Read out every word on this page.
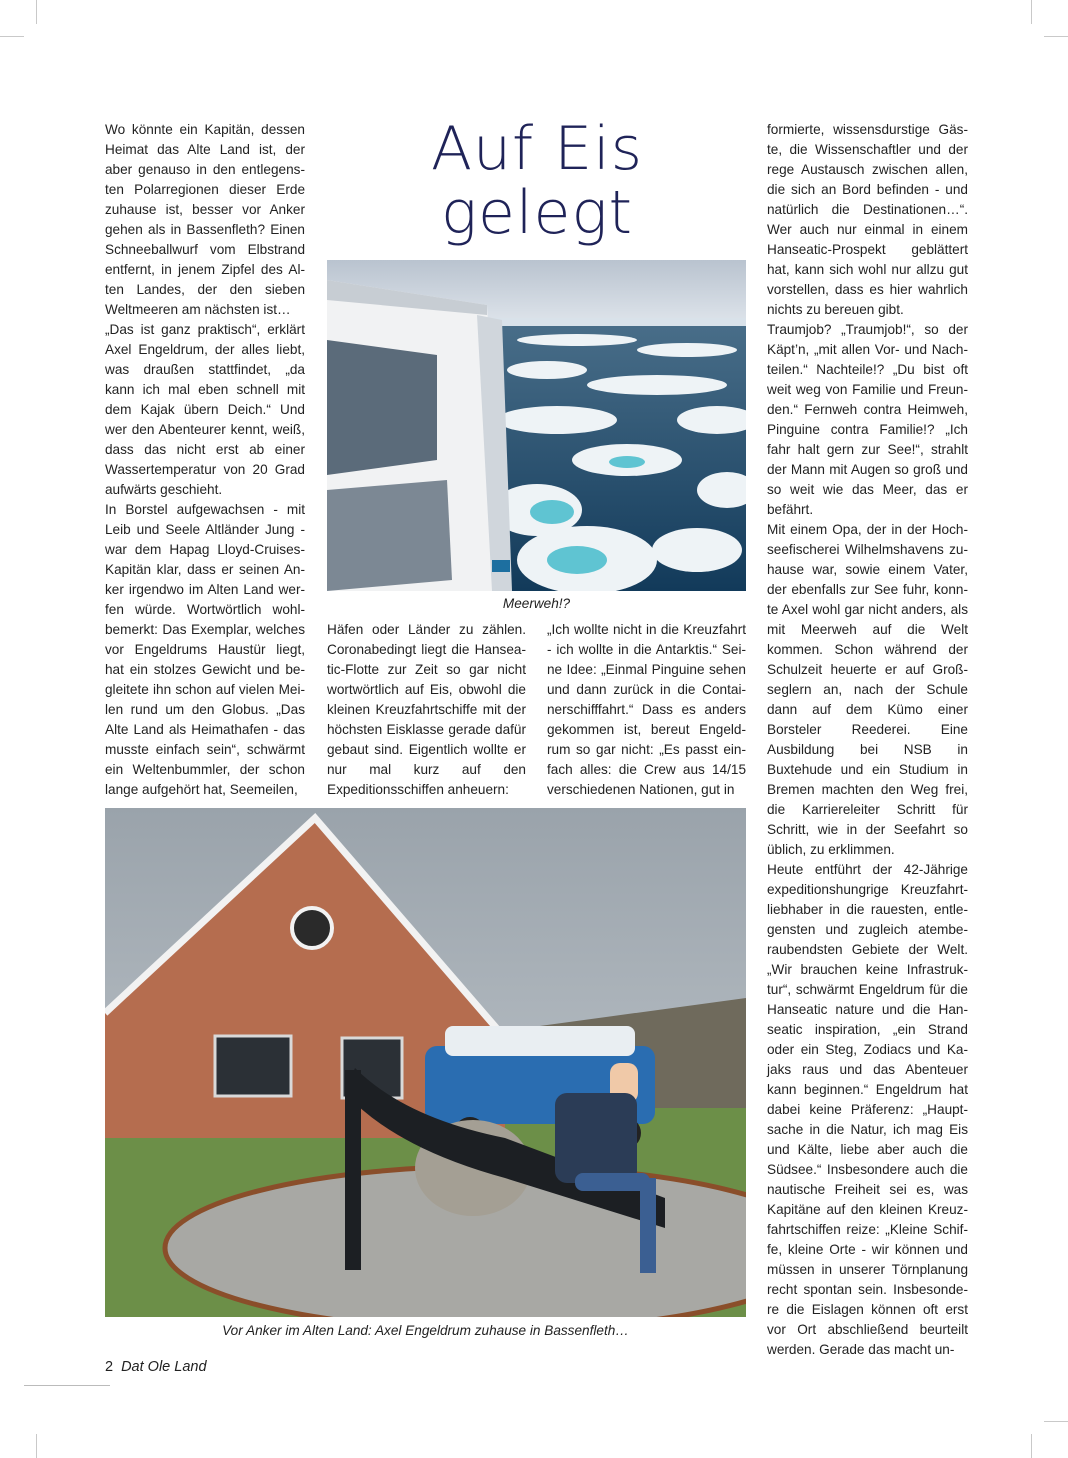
Auf Eis
gelegt

Wo könnte ein Kapitän, dessen Heimat das Alte Land ist, der aber genauso in den entlegensten Polarregionen dieser Erde zuhause ist, besser vor Anker gehen als in Bassenfleth? Einen Schneeballwurf vom Elbstrand entfernt, in jenem Zipfel des Alten Landes, der den sieben Weltmeeren am nächsten ist…

„Das ist ganz praktisch“, erklärt Axel Engeldrum, der alles liebt, was draußen stattfindet, „da kann ich mal eben schnell mit dem Kajak übern Deich.“ Und wer den Abenteurer kennt, weiß, dass das nicht erst ab einer Wassertemperatur von 20 Grad aufwärts geschieht.

In Borstel aufgewachsen - mit Leib und Seele Altländer Jung - war dem Hapag Lloyd-Cruises-Kapitän klar, dass er seinen Anker irgendwo im Alten Land werfen würde. Wortwörtlich wohlbemerkt: Das Exemplar, welches vor Engeldrums Haustür liegt, hat ein stolzes Gewicht und begleitete ihn schon auf vielen Meilen rund um den Globus. „Das Alte Land als Heimathafen - das musste einfach sein“, schwärmt ein Weltenbummler, der schon lange aufgehört hat, Seemeilen,

Häfen oder Länder zu zählen. Coronabedingt liegt die Hanseatic-Flotte zur Zeit so gar nicht wortwörtlich auf Eis, obwohl die kleinen Kreuzfahrtschiffe mit der höchsten Eisklasse gerade dafür gebaut sind. Eigentlich wollte er nur mal kurz auf den Expeditionsschiffen anheuern:

„Ich wollte nicht in die Kreuzfahrt - ich wollte in die Antarktis.“ Seine Idee: „Einmal Pinguine sehen und dann zurück in die Containerschifffahrt.“ Dass es anders gekommen ist, bereut Engeldrum so gar nicht: „Es passt einfach alles: die Crew aus 14/15 verschiedenen Nationen, gut in

formierte, wissensdurstige Gäste, die Wissenschaftler und der rege Austausch zwischen allen, die sich an Bord befinden - und natürlich die Destinationen…“. Wer auch nur einmal in einem Hanseatic-Prospekt geblättert hat, kann sich wohl nur allzu gut vorstellen, dass es hier wahrlich nichts zu bereuen gibt.

Traumjob? „Traumjob!“, so der Käpt’n, „mit allen Vor- und Nachteilen.“ Nachteile!? „Du bist oft weit weg von Familie und Freunden.“ Fernweh contra Heimweh, Pinguine contra Familie!? „Ich fahr halt gern zur See!“, strahlt der Mann mit Augen so groß und so weit wie das Meer, das er befährt.

Mit einem Opa, der in der Hochseefischerei Wilhelmshavens zuhause war, sowie einem Vater, der ebenfalls zur See fuhr, konnte Axel wohl gar nicht anders, als mit Meerweh auf die Welt kommen. Schon während der Schulzeit heuerte er auf Großseglern an, nach der Schule dann auf dem Kümo einer Borsteler Reederei. Eine Ausbildung bei NSB in Buxtehude und ein Studium in Bremen machten den Weg frei, die Karriereleiter Schritt für Schritt, wie in der Seefahrt so üblich, zu erklimmen.

Heute entführt der 42-Jährige expeditionshungrige Kreuzfahrtliebhaber in die rauesten, entlegensten und zugleich atemberaubendsten Gebiete der Welt. „Wir brauchen keine Infrastruktur“, schwärmt Engeldrum für die Hanseatic nature und die Hanseatic inspiration, „ein Strand oder ein Steg, Zodiacs und Kajaks raus und das Abenteuer kann beginnen.“ Engeldrum hat dabei keine Präferenz: „Hauptsache in die Natur, ich mag Eis und Kälte, liebe aber auch die Südsee.“ Insbesondere auch die nautische Freiheit sei es, was Kapitäne auf den kleinen Kreuzfahrtschiffen reize: „Kleine Schiffe, kleine Orte - wir können und müssen in unserer Törnplanung recht spontan sein. Insbesondere die Eislagen können oft erst vor Ort abschließend beurteilt werden. Gerade das macht un-

Meerweh!?
Vor Anker im Alten Land: Axel Engeldrum zuhause in Bassenfleth…
2 Dat Ole Land
